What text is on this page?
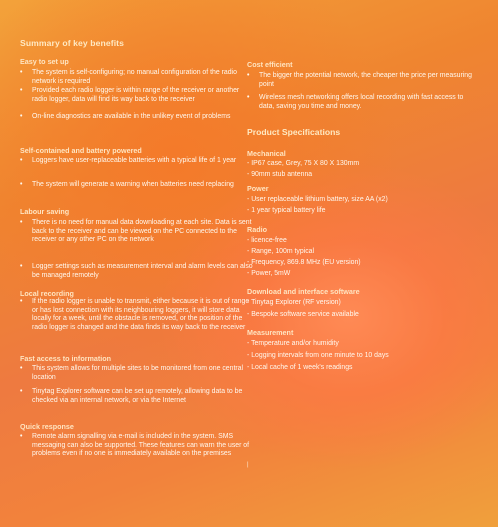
Summary of key benefits
Easy to set up
•	The system is self-configuring; no manual configuration of the radio network is required
•	Provided each radio logger is within range of the receiver or another radio logger, data will find its way back to the receiver
•	On-line diagnostics are available in the unlikey event of problems
Self-contained and battery powered
•	Loggers have user-replaceable batteries with a typical life of 1 year
•	The system will generate a warning when batteries need replacing
Labour saving
•	There is no need for manual data downloading at each site. Data is sent back to the receiver and can be viewed on the PC connected to the receiver or any other PC on the network
•	Logger settings such as measurement interval and alarm levels can also be managed remotely
Local recording
•	If the radio logger is unable to transmit, either because it is out of range or has lost connection with its neighbouring loggers, it will store data locally for a week, until the obstacle is removed, or the position of the radio logger is changed and the data finds its way back to the receiver
Fast access to information
•	This system allows for multiple sites to be monitored from one central location
•	Tinytag Explorer software can be set up remotely, allowing data to be checked via an internal network, or via the Internet
Quick response
•	Remote alarm signalling via e-mail is included in the system. SMS messaging can also be supported. These features can warn the user of problems even if no one is immediately available on the premises
Cost efficient
•	The bigger the potential network, the cheaper the price per measuring point
•	Wireless mesh networking offers local recording with fast access to data, saving you time and money.
Product Specifications
Mechanical
- IP67 case, Grey, 75 X 80 X 130mm
- 90mm stub antenna
Power
- User replaceable lithium battery, size AA (x2)
- 1 year typical battery life
Radio
- licence-free
- Range, 100m typical
- Frequency, 869.8 MHz (EU version)
- Power, 5mW
Download and interface software
- Tinytag Explorer (RF version)
- Bespoke software service available
Measurement
- Temperature and/or humidity
- Logging intervals from one minute to 10 days
- Local cache of 1 week's readings
|
